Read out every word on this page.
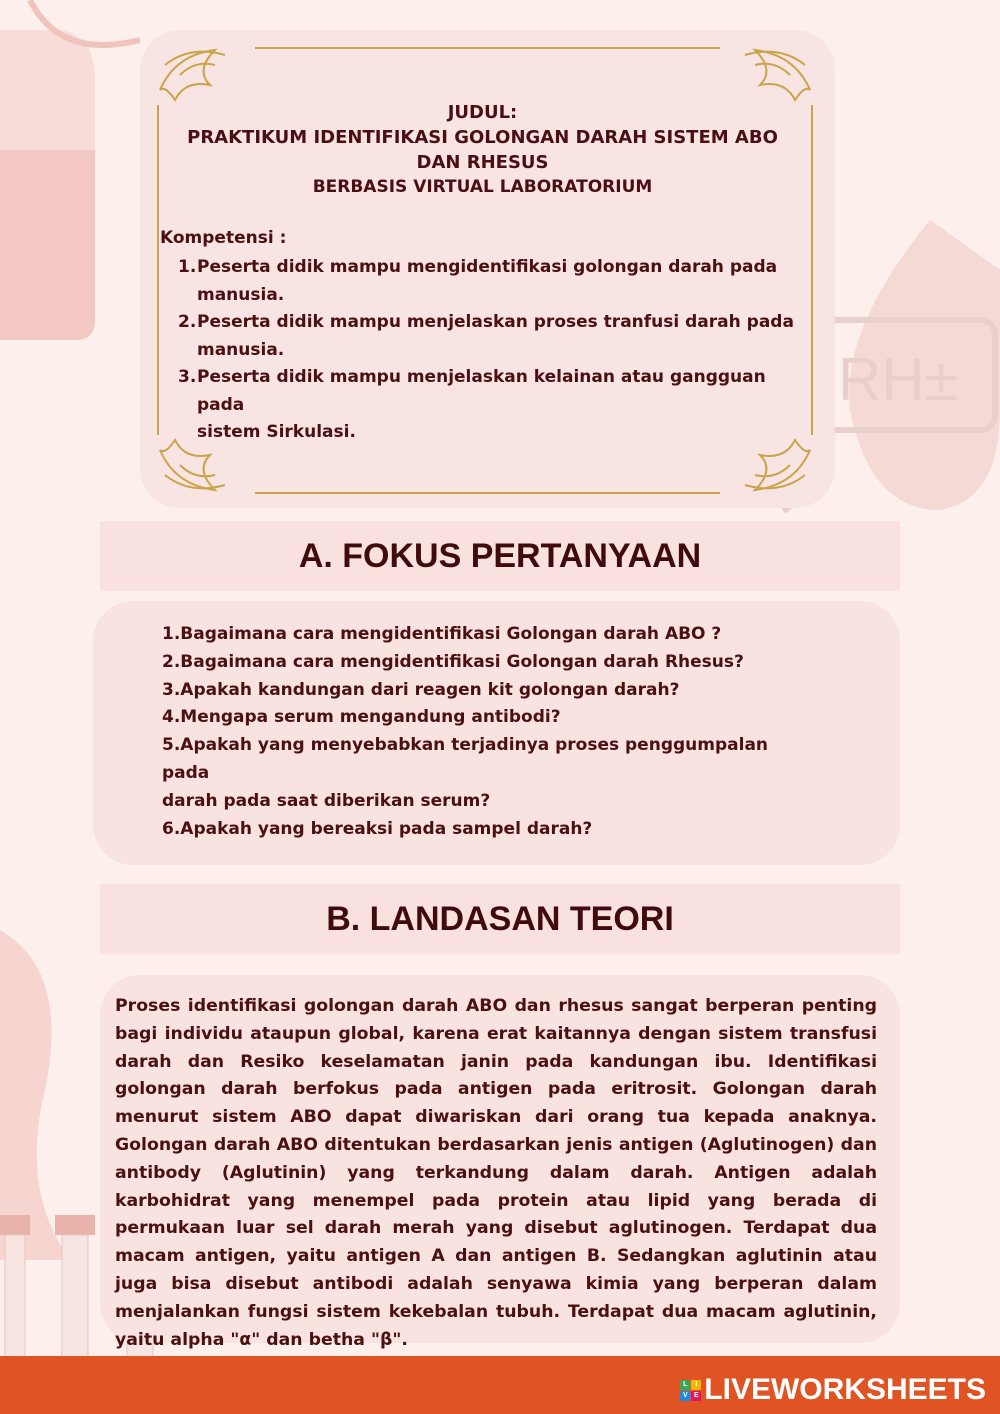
RH±
JUDUL:
PRAKTIKUM IDENTIFIKASI GOLONGAN DARAH SISTEM ABO
DAN RHESUS
BERBASIS VIRTUAL LABORATORIUM
Kompetensi :
1. Peserta didik mampu mengidentifikasi golongan darah pada
manusia.
2. Peserta didik mampu menjelaskan proses tranfusi darah pada
manusia.
3. Peserta didik mampu menjelaskan kelainan atau gangguan pada
sistem Sirkulasi.
A. FOKUS PERTANYAAN
1.Bagaimana cara mengidentifikasi Golongan darah ABO ?
2.Bagaimana cara mengidentifikasi Golongan darah Rhesus?
3.Apakah kandungan dari reagen kit golongan darah?
4.Mengapa serum mengandung antibodi?
5.Apakah yang menyebabkan terjadinya proses penggumpalan pada
darah pada saat diberikan serum?
6.Apakah yang bereaksi pada sampel darah?
B. LANDASAN TEORI

Proses identifikasi golongan darah ABO dan rhesus sangat berperan penting bagi individu ataupun global, karena erat kaitannya dengan sistem transfusi darah dan Resiko keselamatan janin pada kandungan ibu. Identifikasi golongan darah berfokus pada antigen pada eritrosit. Golongan darah menurut sistem ABO dapat diwariskan dari orang tua kepada anaknya. Golongan darah ABO ditentukan berdasarkan jenis antigen (Aglutinogen) dan antibody (Aglutinin) yang terkandung dalam darah. Antigen adalah karbohidrat yang menempel pada protein atau lipid yang berada di permukaan luar sel darah merah yang disebut aglutinogen. Terdapat dua macam antigen, yaitu antigen A dan antigen B. Sedangkan aglutinin atau juga bisa disebut antibodi adalah senyawa kimia yang berperan dalam menjalankan fungsi sistem kekebalan tubuh. Terdapat dua macam aglutinin, yaitu alpha "α" dan betha "β".

L	I
V E LIVEWORKSHEETS
